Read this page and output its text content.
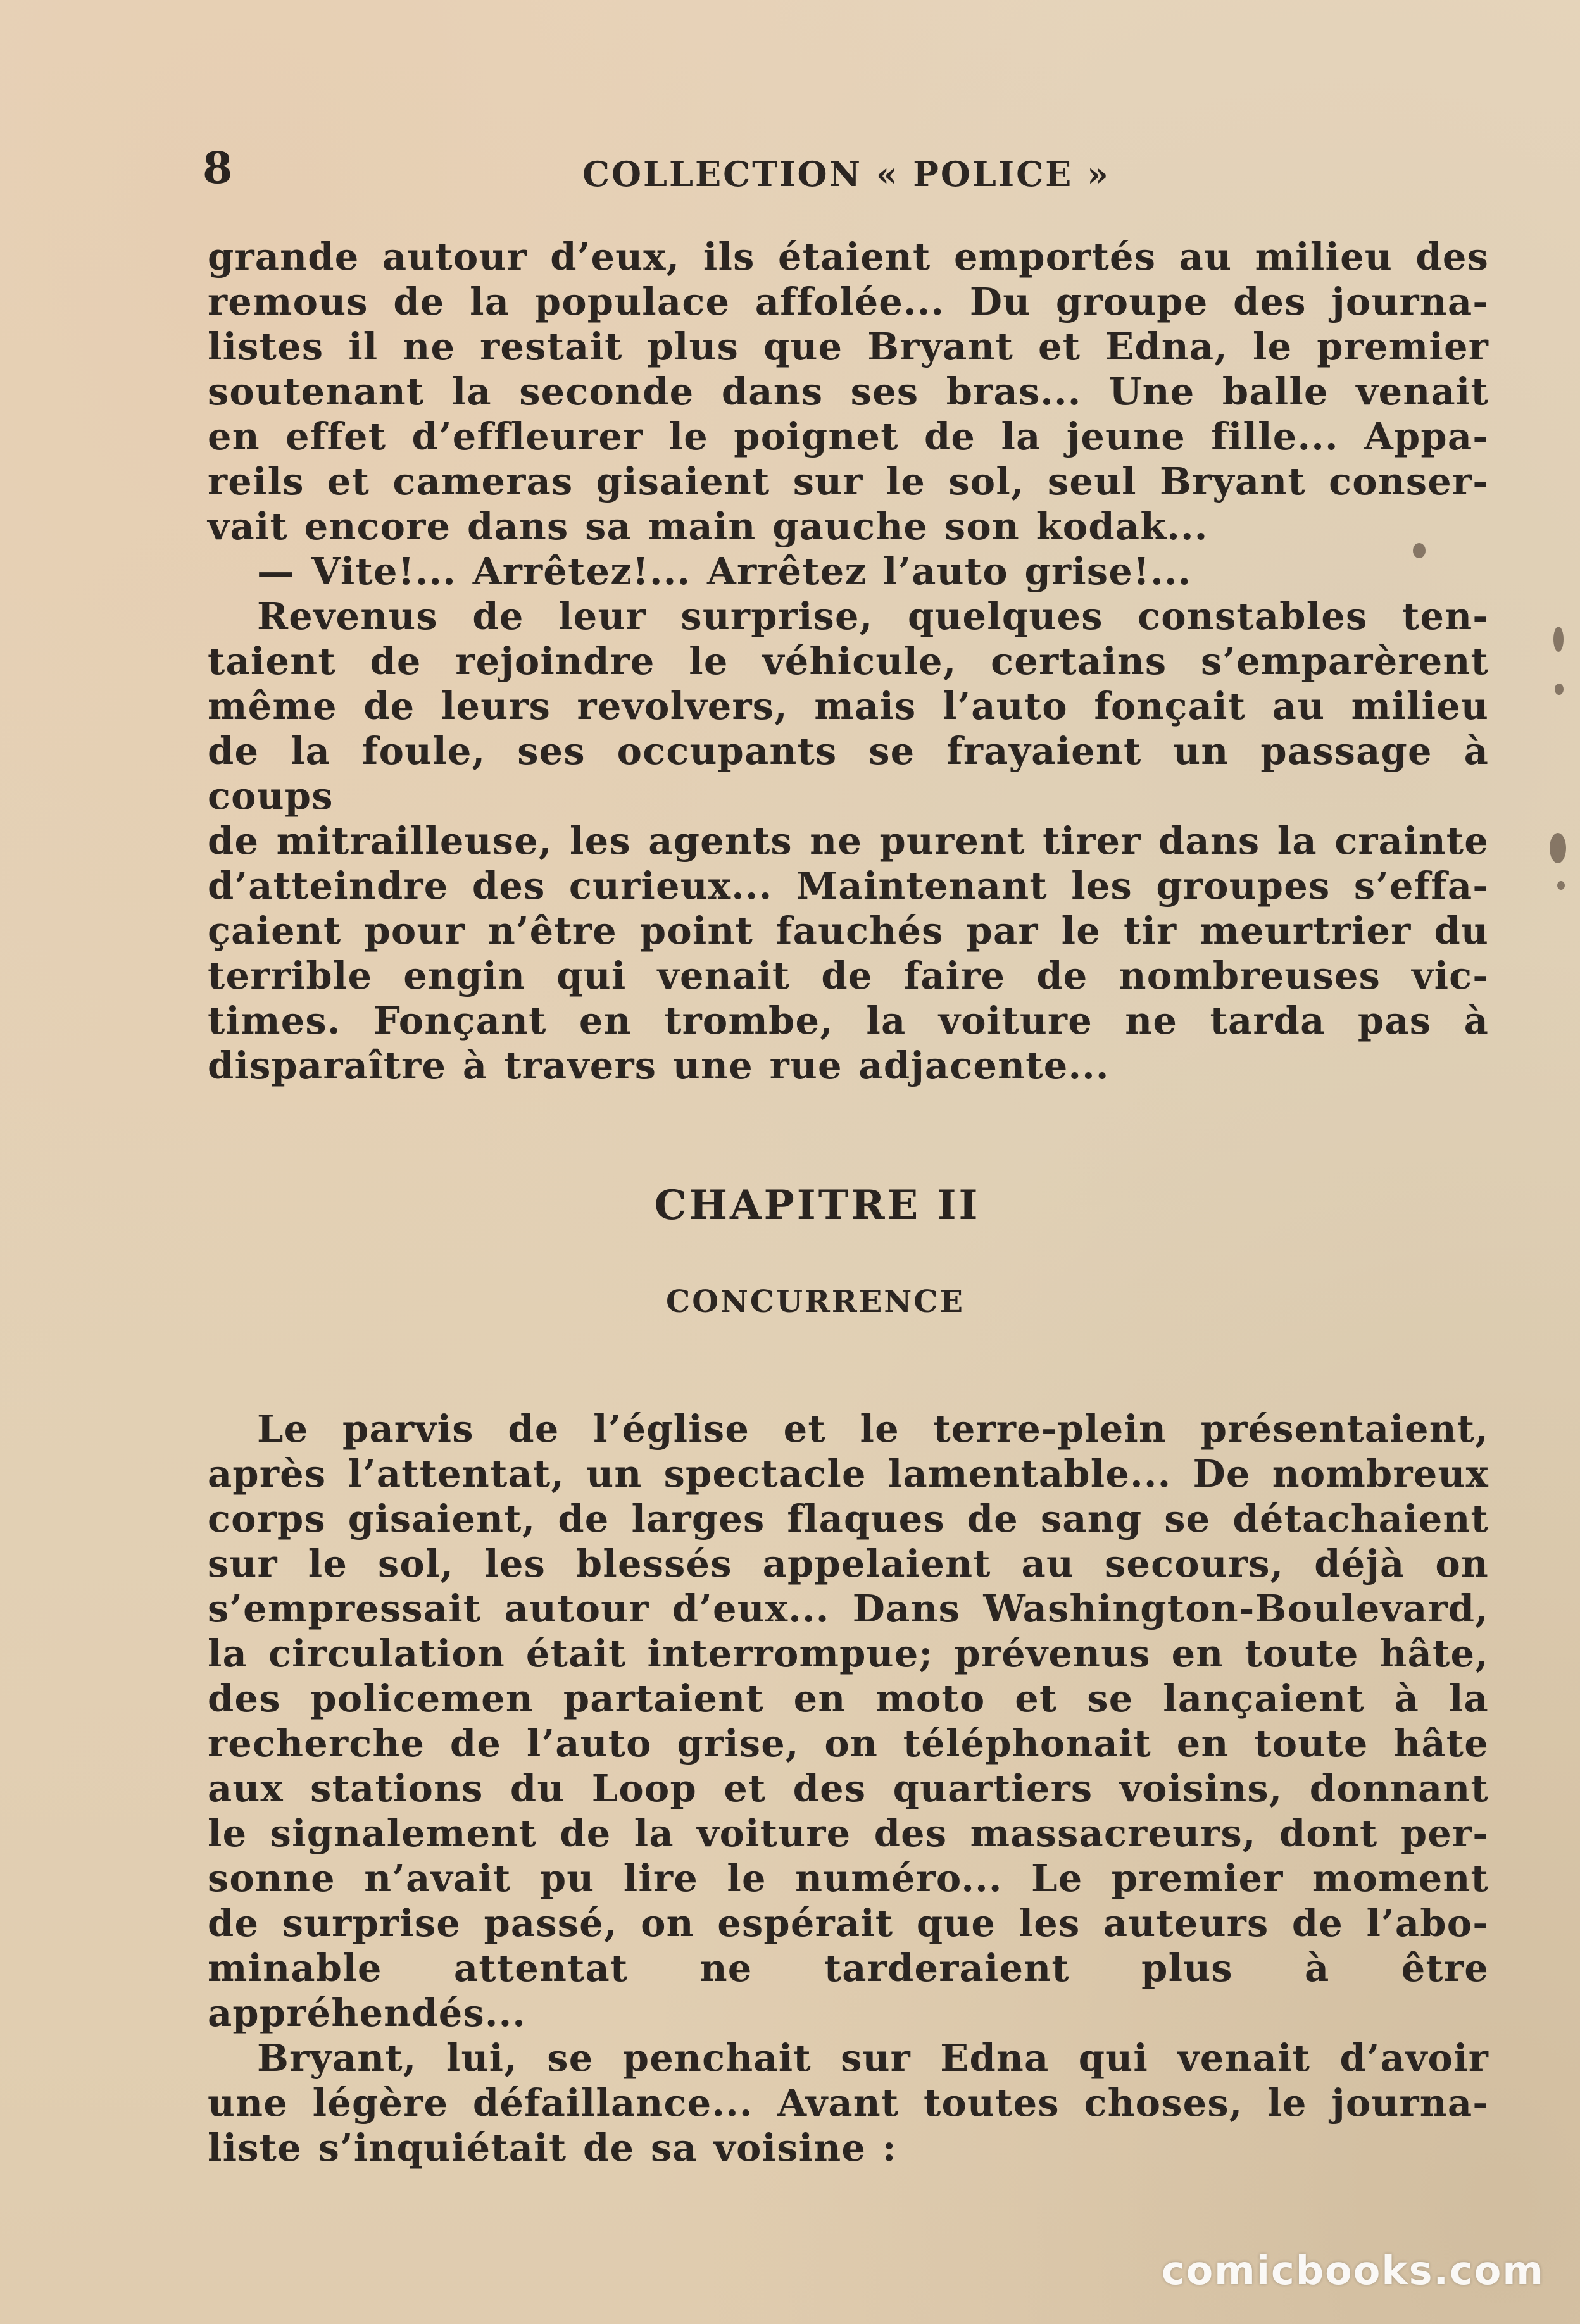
8	COLLECTION « POLICE »

grande autour d’eux, ils étaient emportés au milieu des

remous de la populace affolée... Du groupe des journa-

listes il ne restait plus que Bryant et Edna, le premier

soutenant la seconde dans ses bras... Une balle venait

en effet d’effleurer le poignet de la jeune fille... Appa-

reils et cameras gisaient sur le sol, seul Bryant conser-

vait encore dans sa main gauche son kodak...

— Vite!... Arrêtez!... Arrêtez l’auto grise!...

Revenus de leur surprise, quelques constables ten-

taient de rejoindre le véhicule, certains s’emparèrent

même de leurs revolvers, mais l’auto fonçait au milieu

de la foule, ses occupants se frayaient un passage à coups

de mitrailleuse, les agents ne purent tirer dans la crainte

d’atteindre des curieux... Maintenant les groupes s’effa-

çaient pour n’être point fauchés par le tir meurtrier du

terrible engin qui venait de faire de nombreuses vic-

times. Fonçant en trombe, la voiture ne tarda pas à

disparaître à travers une rue adjacente...

CHAPITRE II
CONCURRENCE

Le parvis de l’église et le terre-plein présentaient,

après l’attentat, un spectacle lamentable... De nombreux

corps gisaient, de larges flaques de sang se détachaient

sur le sol, les blessés appelaient au secours, déjà on

s’empressait autour d’eux... Dans Washington-Boulevard,

la circulation était interrompue; prévenus en toute hâte,

des policemen partaient en moto et se lançaient à la

recherche de l’auto grise, on téléphonait en toute hâte

aux stations du Loop et des quartiers voisins, donnant

le signalement de la voiture des massacreurs, dont per-

sonne n’avait pu lire le numéro... Le premier moment

de surprise passé, on espérait que les auteurs de l’abo-

minable attentat ne tarderaient plus à être appréhendés...

Bryant, lui, se penchait sur Edna qui venait d’avoir

une légère défaillance... Avant toutes choses, le journa-

liste s’inquiétait de sa voisine :

comicbooks.com
